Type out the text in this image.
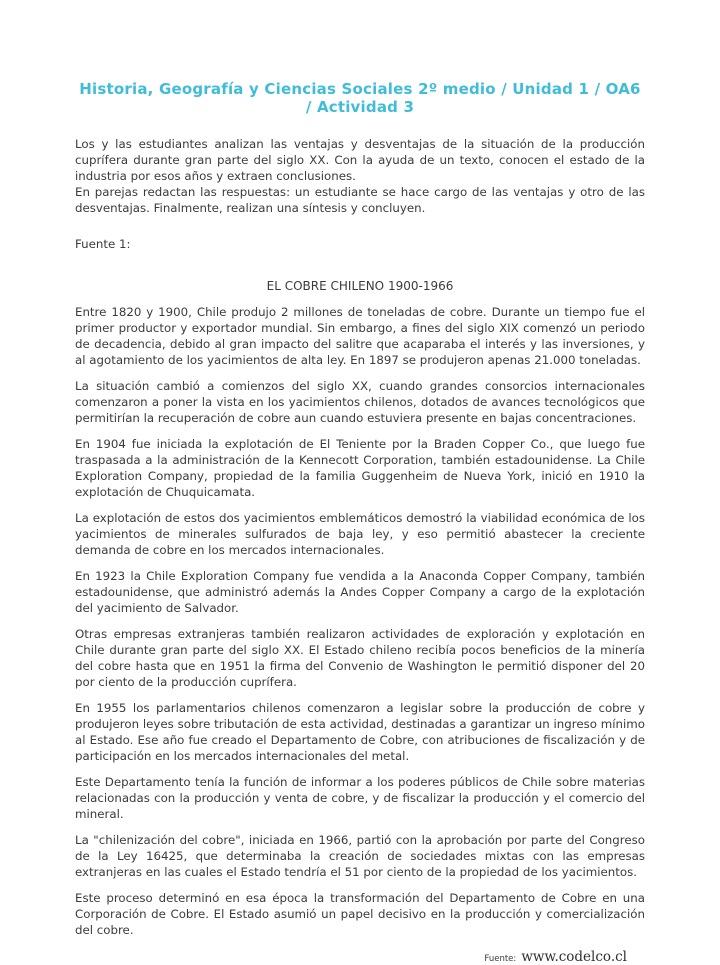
Historia, Geografía y Ciencias Sociales 2º medio / Unidad 1 / OA6 / Actividad 3

Los y las estudiantes analizan las ventajas y desventajas de la situación de la producción cuprífera durante gran parte del siglo XX. Con la ayuda de un texto, conocen el estado de la industria por esos años y extraen conclusiones.

En parejas redactan las respuestas: un estudiante se hace cargo de las ventajas y otro de las desventajas. Finalmente, realizan una síntesis y concluyen.

Fuente 1:

EL COBRE CHILENO 1900-1966

Entre 1820 y 1900, Chile produjo 2 millones de toneladas de cobre. Durante un tiempo fue el primer productor y exportador mundial. Sin embargo, a fines del siglo XIX comenzó un periodo de decadencia, debido al gran impacto del salitre que acaparaba el interés y las inversiones, y al agotamiento de los yacimientos de alta ley. En 1897 se produjeron apenas 21.000 toneladas.

La situación cambió a comienzos del siglo XX, cuando grandes consorcios internacionales comenzaron a poner la vista en los yacimientos chilenos, dotados de avances tecnológicos que permitirían la recuperación de cobre aun cuando estuviera presente en bajas concentraciones.

En 1904 fue iniciada la explotación de El Teniente por la Braden Copper Co., que luego fue traspasada a la administración de la Kennecott Corporation, también estadounidense. La Chile Exploration Company, propiedad de la familia Guggenheim de Nueva York, inició en 1910 la explotación de Chuquicamata.

La explotación de estos dos yacimientos emblemáticos demostró la viabilidad económica de los yacimientos de minerales sulfurados de baja ley, y eso permitió abastecer la creciente demanda de cobre en los mercados internacionales.

En 1923 la Chile Exploration Company fue vendida a la Anaconda Copper Company, también estadounidense, que administró además la Andes Copper Company a cargo de la explotación del yacimiento de Salvador.

Otras empresas extranjeras también realizaron actividades de exploración y explotación en Chile durante gran parte del siglo XX. El Estado chileno recibía pocos beneficios de la minería del cobre hasta que en 1951 la firma del Convenio de Washington le permitió disponer del 20 por ciento de la producción cuprífera.

En 1955 los parlamentarios chilenos comenzaron a legislar sobre la producción de cobre y produjeron leyes sobre tributación de esta actividad, destinadas a garantizar un ingreso mínimo al Estado. Ese año fue creado el Departamento de Cobre, con atribuciones de fiscalización y de participación en los mercados internacionales del metal.

Este Departamento tenía la función de informar a los poderes públicos de Chile sobre materias relacionadas con la producción y venta de cobre, y de fiscalizar la producción y el comercio del mineral.

La "chilenización del cobre", iniciada en 1966, partió con la aprobación por parte del Congreso de la Ley 16425, que determinaba la creación de sociedades mixtas con las empresas extranjeras en las cuales el Estado tendría el 51 por ciento de la propiedad de los yacimientos.

Este proceso determinó en esa época la transformación del Departamento de Cobre en una Corporación de Cobre. El Estado asumió un papel decisivo en la producción y comercialización del cobre.

Fuente: www.codelco.cl
